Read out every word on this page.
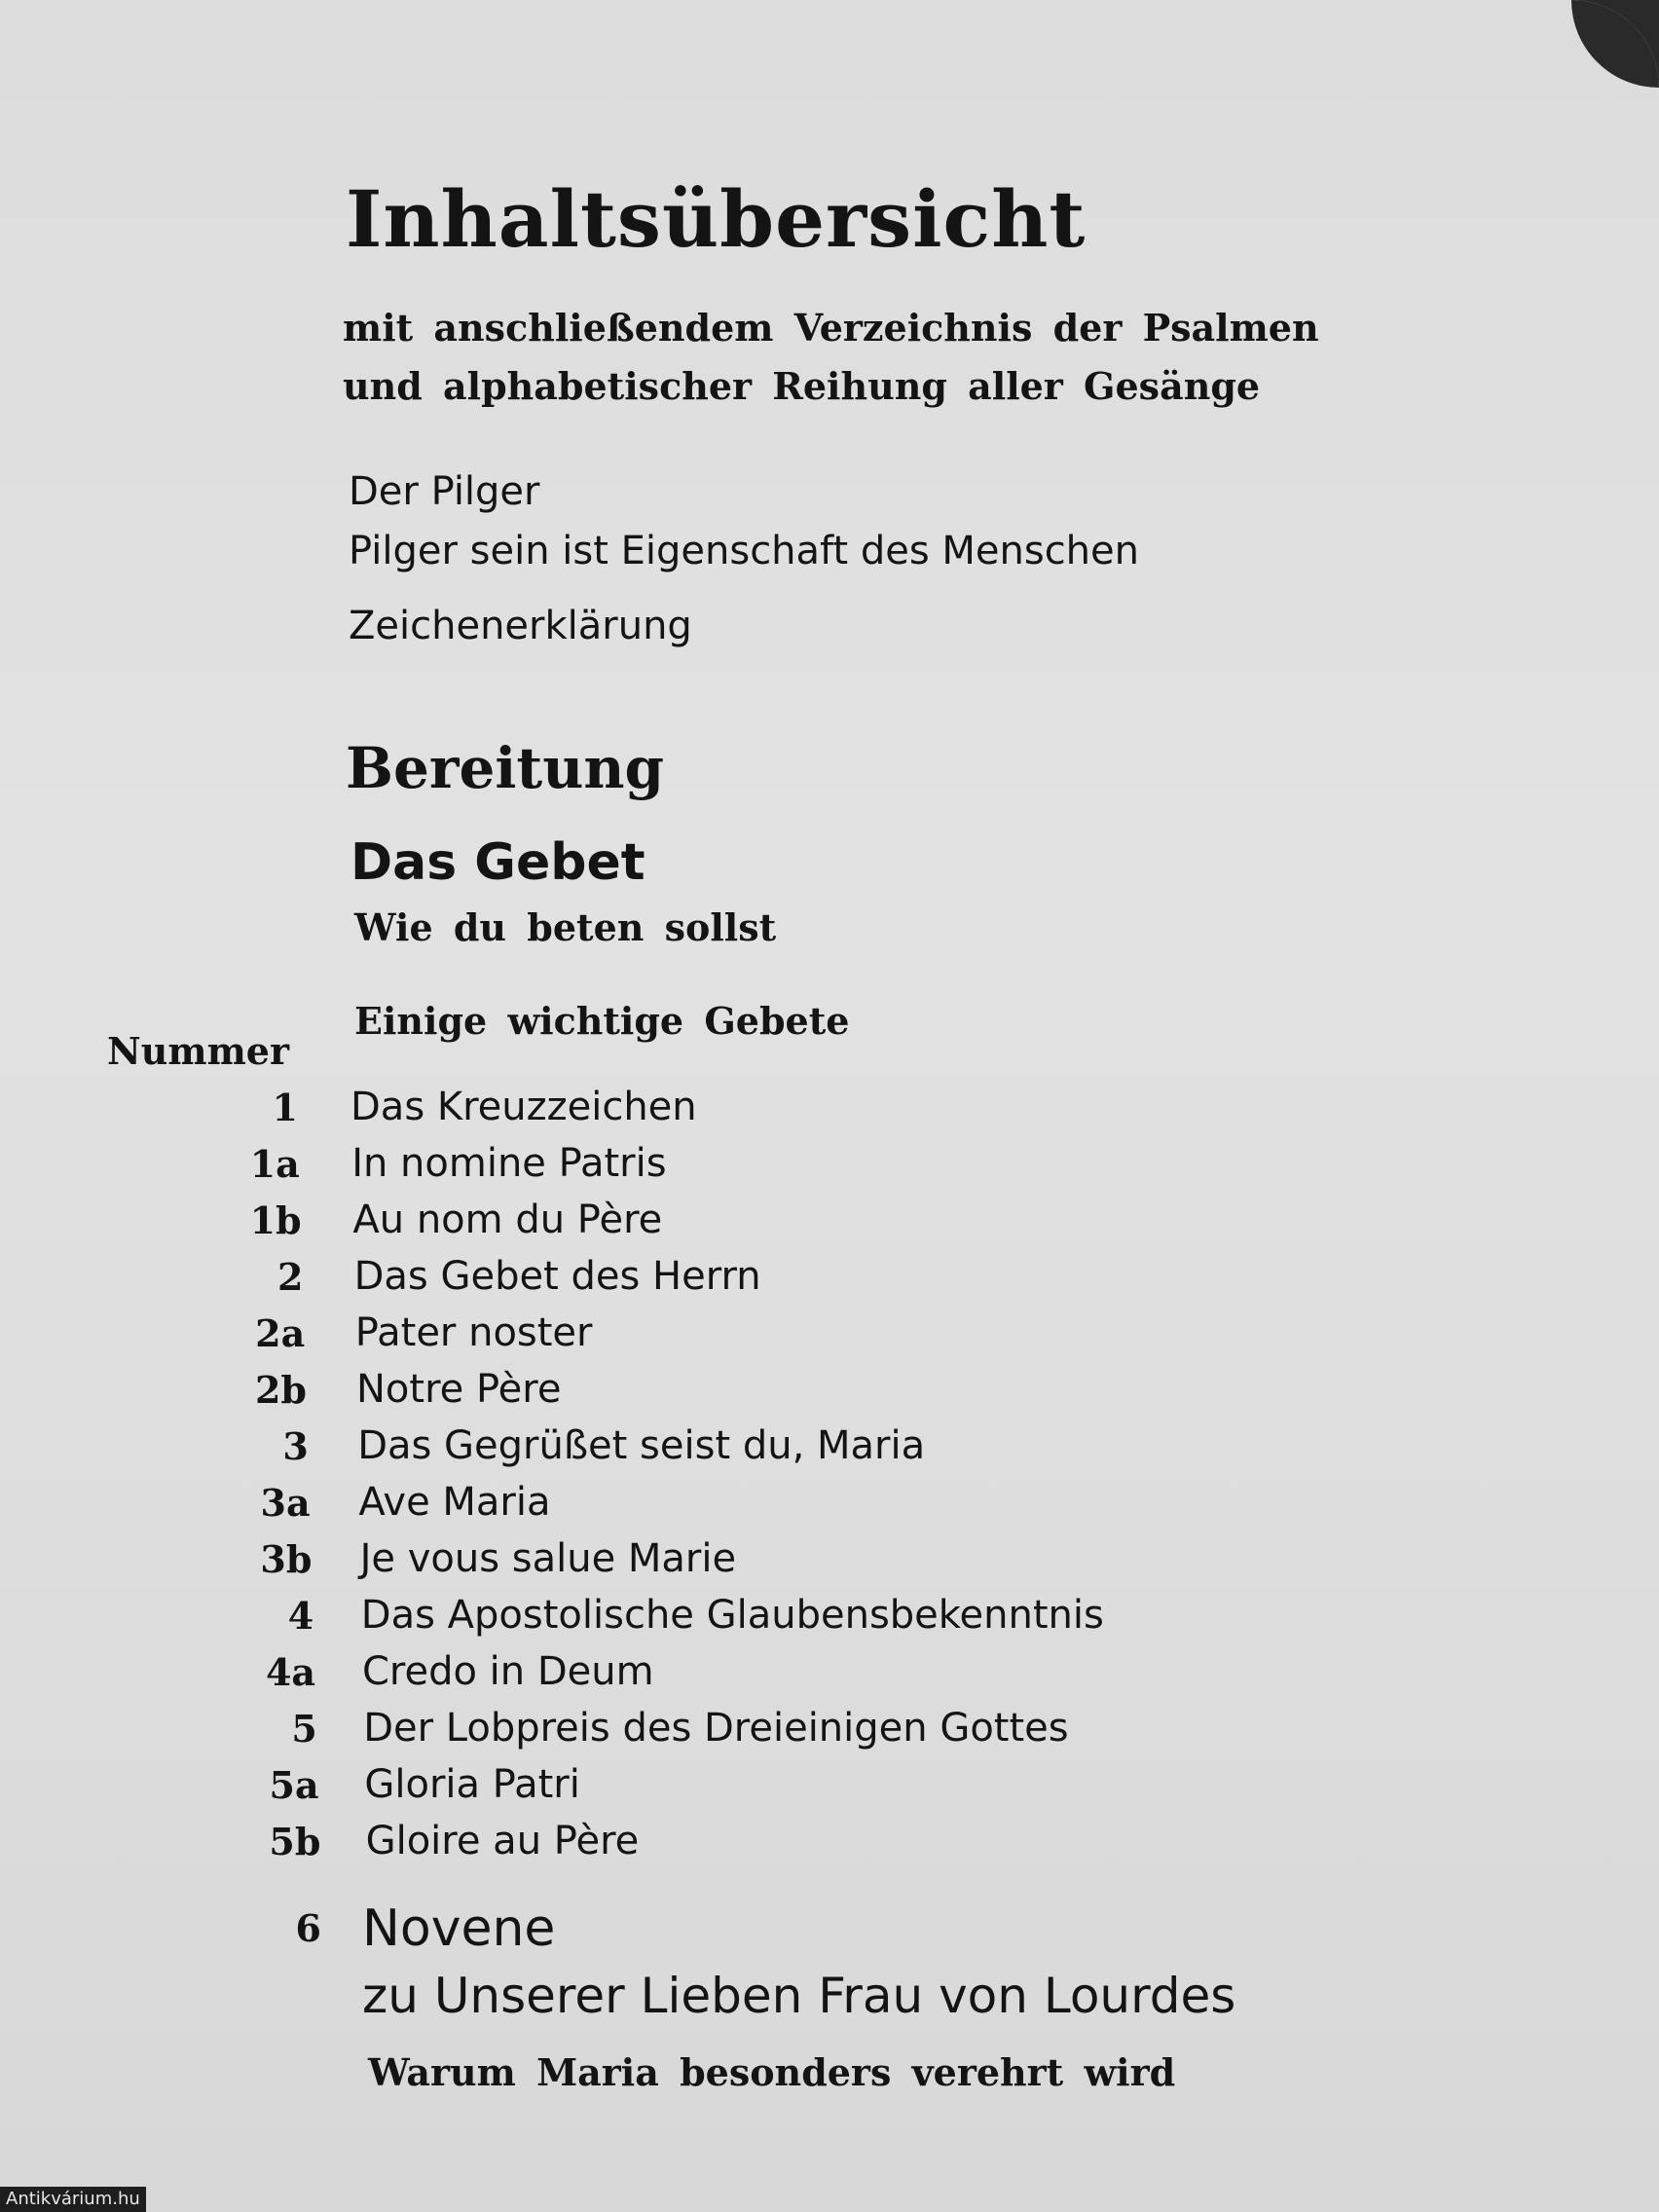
Inhaltsübersicht
mit anschließendem Verzeichnis der Psalmen
und alphabetischer Reihung aller Gesänge
Der Pilger
Pilger sein ist Eigenschaft des Menschen
Zeichenerklärung
Bereitung
Das Gebet
Wie du beten sollst
Einige wichtige Gebete
Nummer
1 Das Kreuzzeichen
1a In nomine Patris
1b Au nom du Père
2 Das Gebet des Herrn
2a Pater noster
2b Notre Père
3 Das Gegrüßet seist du, Maria
3a Ave Maria
3b Je vous salue Marie
4 Das Apostolische Glaubensbekenntnis
4a Credo in Deum
5 Der Lobpreis des Dreieinigen Gottes
5a Gloria Patri
5b Gloire au Père
6 Novene
zu Unserer Lieben Frau von Lourdes
Warum Maria besonders verehrt wird
Antikvárium.hu
